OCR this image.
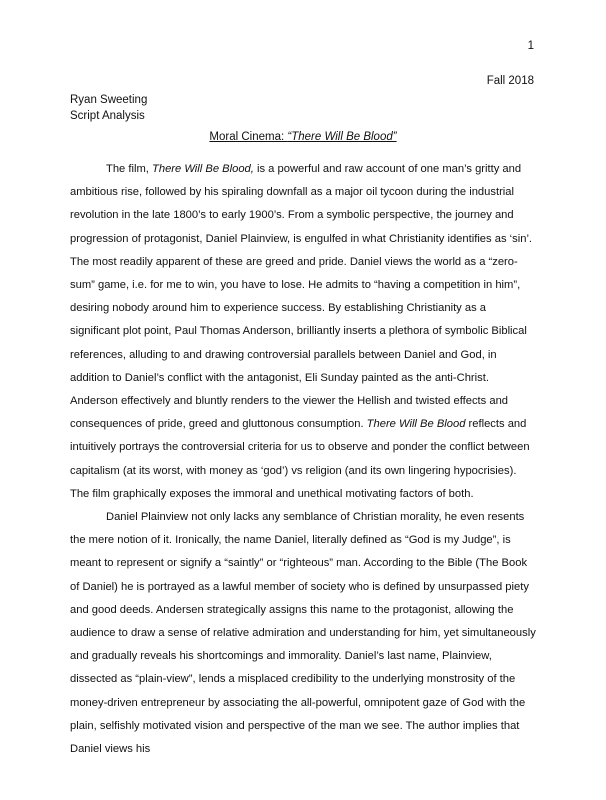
1
Fall 2018
Ryan Sweeting
Script Analysis
Moral Cinema: “There Will Be Blood”

The film, There Will Be Blood, is a powerful and raw account of one man’s gritty and ambitious rise, followed by his spiraling downfall as a major oil tycoon during the industrial revolution in the late 1800’s to early 1900’s. From a symbolic perspective, the journey and progression of protagonist, Daniel Plainview, is engulfed in what Christianity identifies as ‘sin’. The most readily apparent of these are greed and pride. Daniel views the world as a “zero-sum” game, i.e. for me to win, you have to lose. He admits to “having a competition in him”, desiring nobody around him to experience success. By establishing Christianity as a significant plot point, Paul Thomas Anderson, brilliantly inserts a plethora of symbolic Biblical references, alluding to and drawing controversial parallels between Daniel and God, in addition to Daniel’s conflict with the antagonist, Eli Sunday painted as the anti-Christ. Anderson effectively and bluntly renders to the viewer the Hellish and twisted effects and consequences of pride, greed and gluttonous consumption. There Will Be Blood reflects and intuitively portrays the controversial criteria for us to observe and ponder the conflict between capitalism (at its worst, with money as ‘god’) vs religion (and its own lingering hypocrisies). The film graphically exposes the immoral and unethical motivating factors of both.

Daniel Plainview not only lacks any semblance of Christian morality, he even resents the mere notion of it. Ironically, the name Daniel, literally defined as “God is my Judge”, is meant to represent or signify a “saintly” or “righteous” man. According to the Bible (The Book of Daniel) he is portrayed as a lawful member of society who is defined by unsurpassed piety and good deeds. Andersen strategically assigns this name to the protagonist, allowing the audience to draw a sense of relative admiration and understanding for him, yet simultaneously and gradually reveals his shortcomings and immorality. Daniel’s last name, Plainview, dissected as “plain-view”, lends a misplaced credibility to the underlying monstrosity of the money-driven entrepreneur by associating the all-powerful, omnipotent gaze of God with the plain, selfishly motivated vision and perspective of the man we see. The author implies that Daniel views his
